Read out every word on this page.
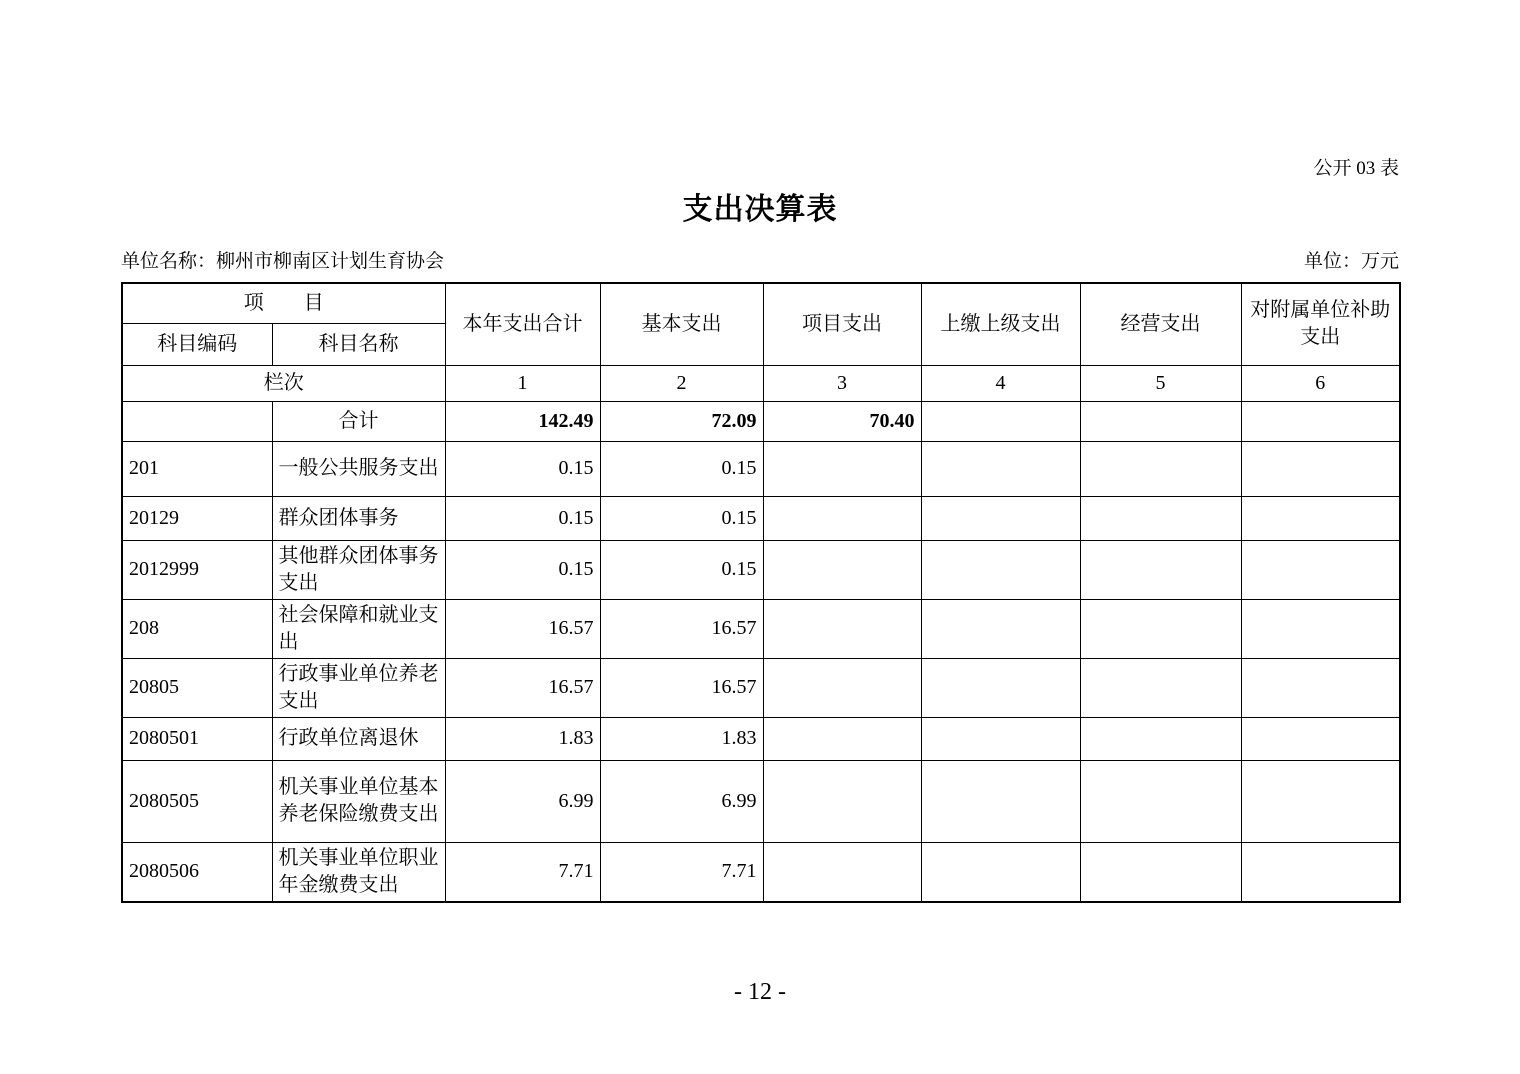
公开 03 表
支出决算表
单位名称：柳州市柳南区计划生育协会	单位：万元
项　　目		本年支出合计	基本支出	项目支出	上缴上级支出	经营支出	对附属单位补助支出
科目编码	科目名称						
栏次		1	2	3	4	5	6
	合计	142.49	72.09	70.40			
201	一般公共服务支出	0.15	0.15				
20129	群众团体事务	0.15	0.15				
2012999	其他群众团体事务支出	0.15	0.15				
208	社会保障和就业支出	16.57	16.57				
20805	行政事业单位养老支出	16.57	16.57				
2080501	行政单位离退休	1.83	1.83				
2080505	机关事业单位基本养老保险缴费支出	6.99	6.99				
2080506	机关事业单位职业年金缴费支出	7.71	7.71				
- 12 -
